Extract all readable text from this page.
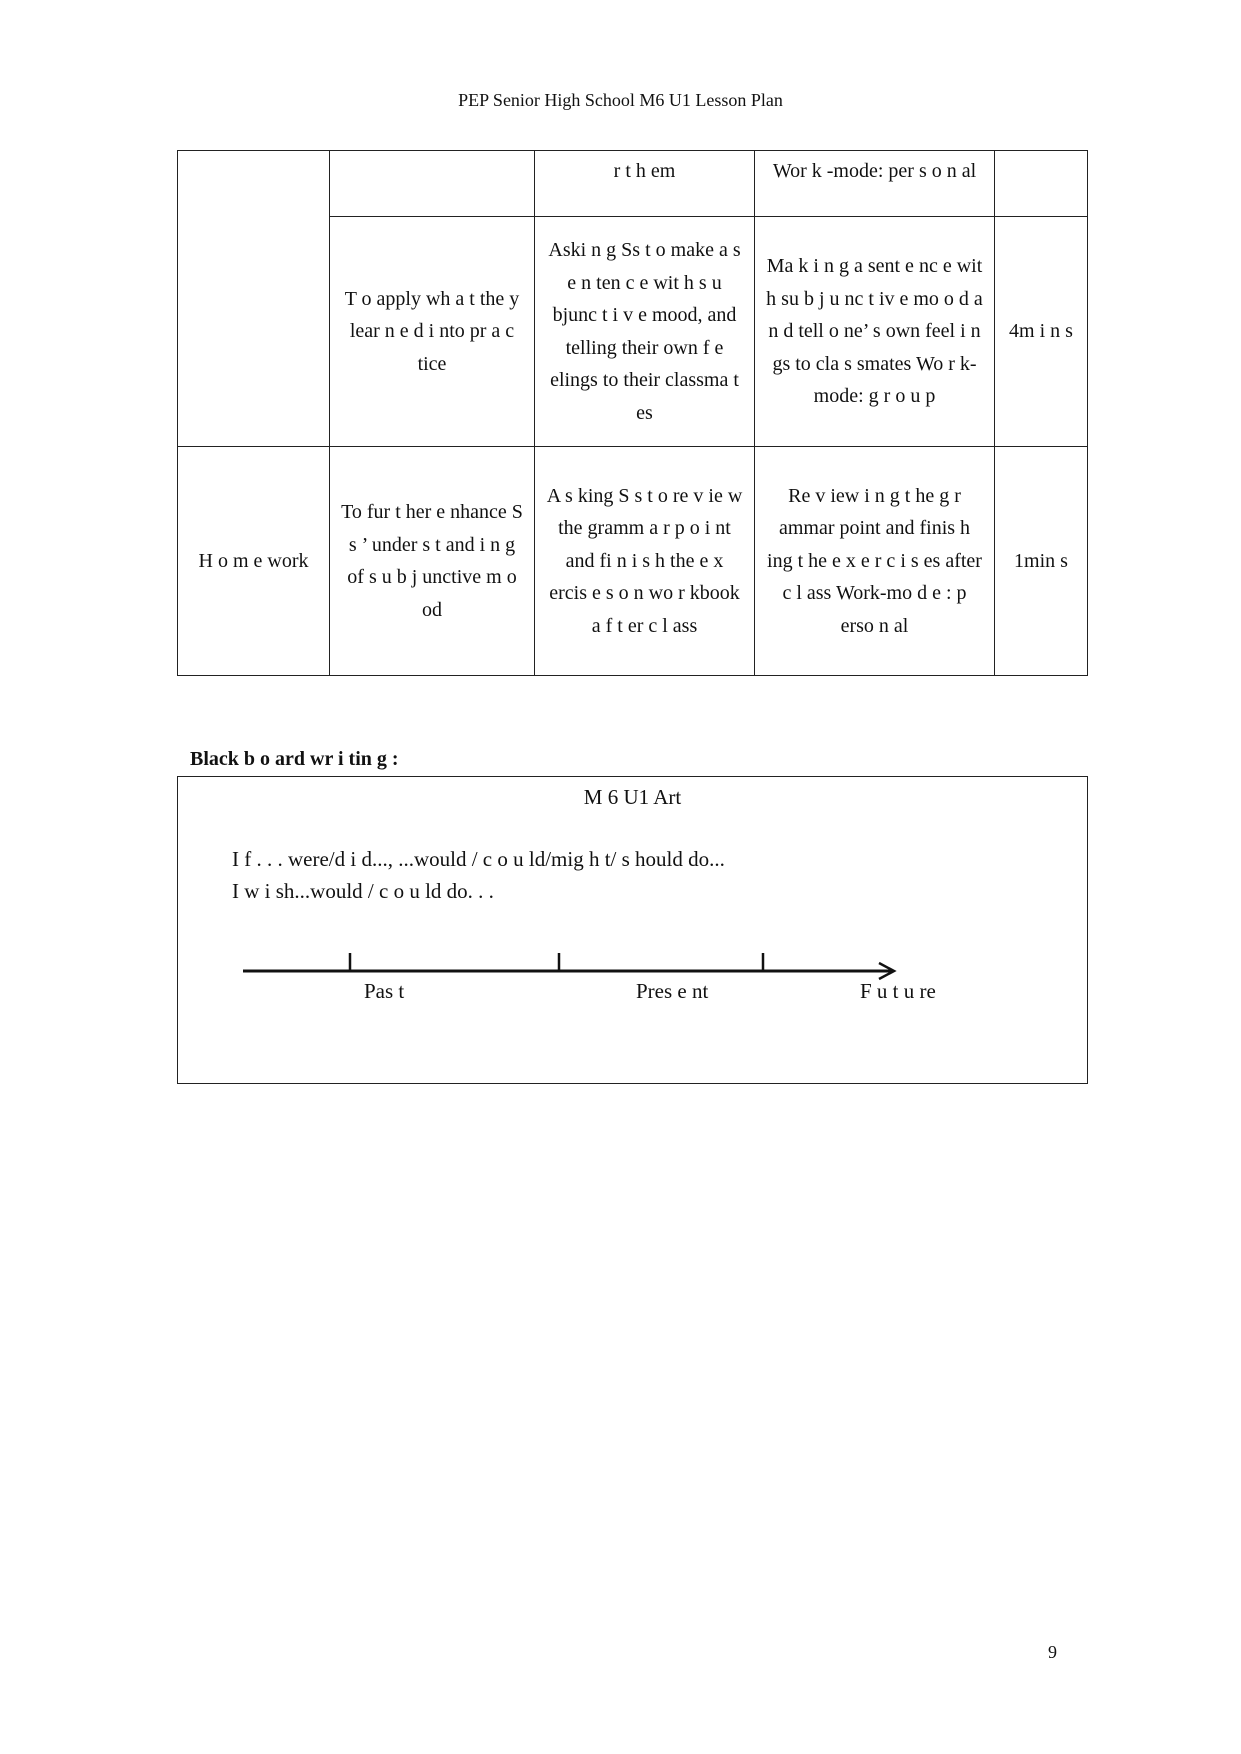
PEP Senior High School M6 U1 Lesson Plan
		r t h em	Wor k -mode: per s o n al	
	T o apply wh a t the y lear n e d i nto pr a c tice	Aski n g Ss t o make a s e n ten c e wit h s u bjunc t i v e mood, and telling their own f e elings to their classma t es	Ma k i n g a sent e nc e wit h su b j u nc t iv e mo o d a n d tell o ne’ s own feel i n gs to cla s smates Wo r k-mode: g r o u p	4m i n s
H o m e work	To fur t her e nhance S s ’ under s t and i n g of s u b j unctive m o od	A s king S s t o re v ie w the gramm a r p o i nt and fi n i s h the e x ercis e s o n wo r kbook a f t er c l ass	Re v iew i n g t he g r ammar point and finis h ing t he e x e r c i s es after c l ass Work-mo d e : p erso n al	1min s
Black b o ard wr i tin g :
M 6 U1 Art
I f . . . were/d i d..., ...would / c o u ld/mig h t/ s hould do...
I w i sh...would / c o u ld do. . .
Pas t	Pres e nt	F u t u re
9
